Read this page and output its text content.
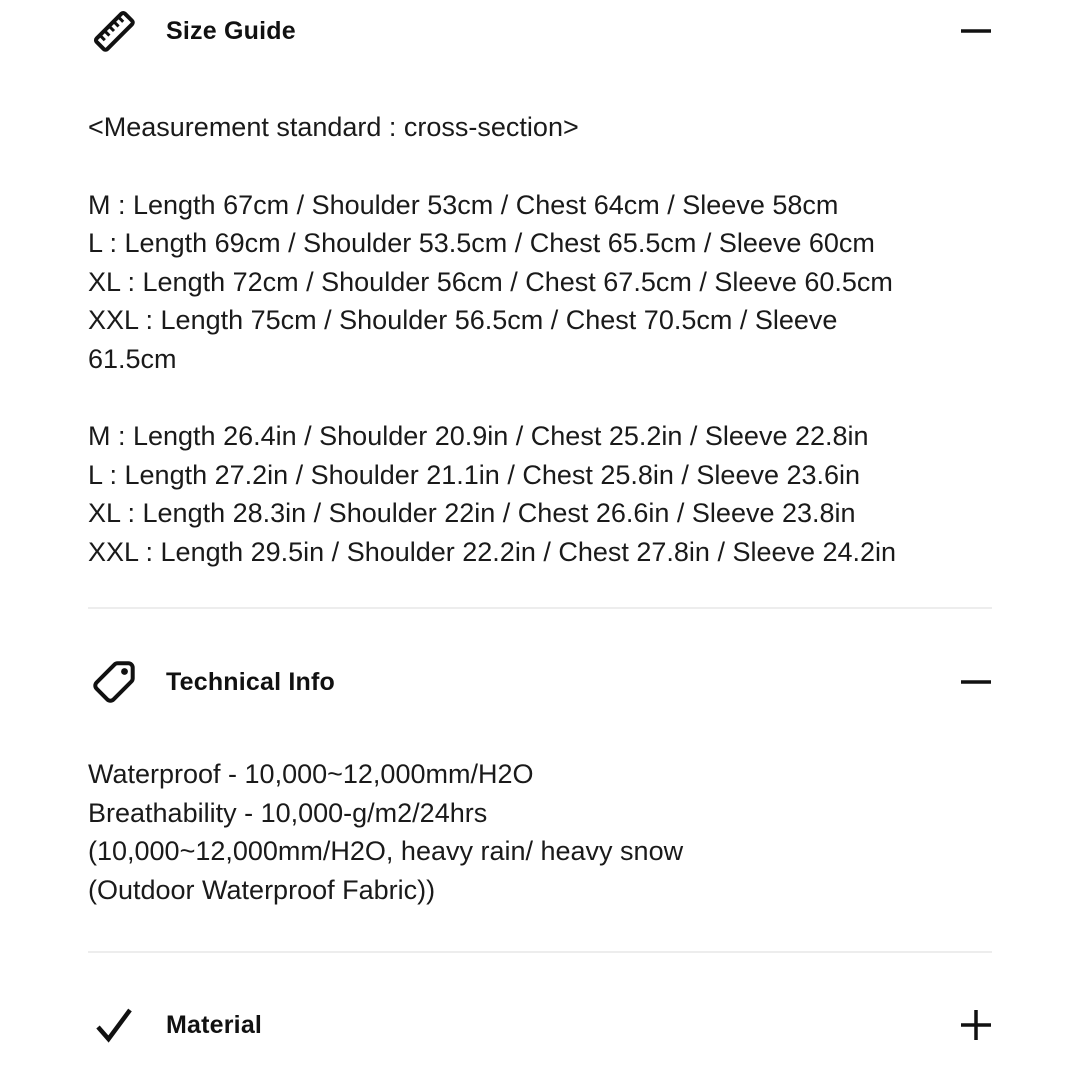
Size Guide
<Measurement standard : cross-section>
M : Length 67cm / Shoulder 53cm / Chest 64cm / Sleeve 58cm
L : Length 69cm / Shoulder 53.5cm / Chest 65.5cm / Sleeve 60cm
XL : Length 72cm / Shoulder 56cm / Chest 67.5cm / Sleeve 60.5cm
XXL : Length 75cm / Shoulder 56.5cm / Chest 70.5cm / Sleeve 61.5cm
M : Length 26.4in / Shoulder 20.9in / Chest 25.2in / Sleeve 22.8in
L : Length 27.2in / Shoulder 21.1in / Chest 25.8in / Sleeve 23.6in
XL : Length 28.3in / Shoulder 22in / Chest 26.6in / Sleeve 23.8in
XXL : Length 29.5in / Shoulder 22.2in / Chest 27.8in / Sleeve 24.2in
Technical Info
Waterproof - 10,000~12,000mm/H2O
Breathability - 10,000-g/m2/24hrs
(10,000~12,000mm/H2O, heavy rain/ heavy snow
(Outdoor Waterproof Fabric))
Material
